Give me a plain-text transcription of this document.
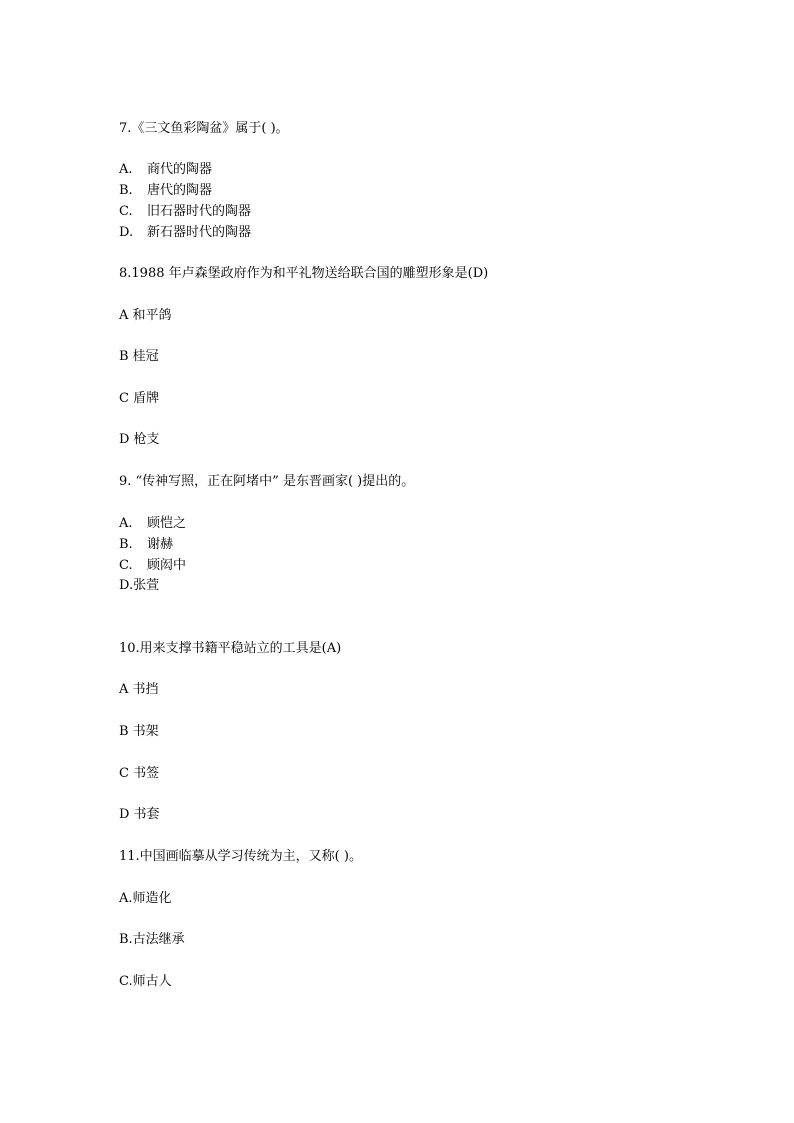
7.《三文鱼彩陶盆》属于( )。
A. 商代的陶器
B. 唐代的陶器
C. 旧石器时代的陶器
D. 新石器时代的陶器
8.1988 年卢森堡政府作为和平礼物送给联合国的雕塑形象是(D)
A 和平鸽
B 桂冠
C 盾牌
D 枪支
9. “传神写照，正在阿堵中” 是东晋画家( )提出的。
A. 顾恺之
B. 谢赫
C. 顾闳中
D.张萱
10.用来支撑书籍平稳站立的工具是(A)
A 书挡
B 书架
C 书签
D 书套
11.中国画临摹从学习传统为主，又称( )。
A.师造化
B.古法继承
C.师古人
